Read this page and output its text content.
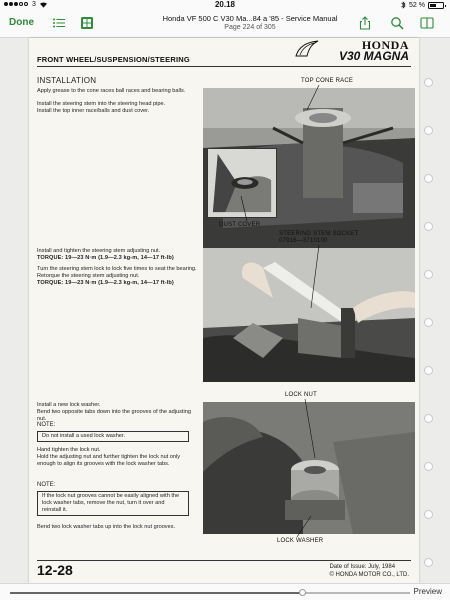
3	20.18	52 %
Done	Honda VF 500 C V30 Ma...84 a '85 - Service Manual
Page 224 of 305
HONDA
V30 MAGNA
FRONT WHEEL/SUSPENSION/STEERING
INSTALLATION
Apply grease to the cone races ball races and bearing balls.
Install the steering stem into the steering head pipe.
Install the top inner race/balls and dust cover.
TOP CONE RACE
DUST COVER
Install and tighten the steering stem adjusting nut.
TORQUE: 19—23 N·m (1.9—2.3 kg-m, 14—17 ft-lb)
Turn the steering stem lock to lock five times to seat the bearing.
Retorque the steering stem adjusting nut.
TORQUE: 19—23 N·m (1.9—2.3 kg-m, 14—17 ft-lb)
STEERING STEM SOCKET
07916—3710100
Install a new lock washer.
Bend two opposite tabs down into the grooves of the adjusting nut.
NOTE:
Do not install a used lock washer.
Hand tighten the lock nut.
Hold the adjusting nut and further tighten the lock nut only enough to align its grooves with the lock washer tabs.
NOTE:
If the lock nut grooves cannot be easily aligned with the lock washer tabs, remove the nut, turn it over and reinstall it.
Bend two lock washer tabs up into the lock nut grooves.
LOCK NUT
LOCK WASHER
12-28	Date of Issue: July, 1984
© HONDA MOTOR CO., LTD.
Preview
